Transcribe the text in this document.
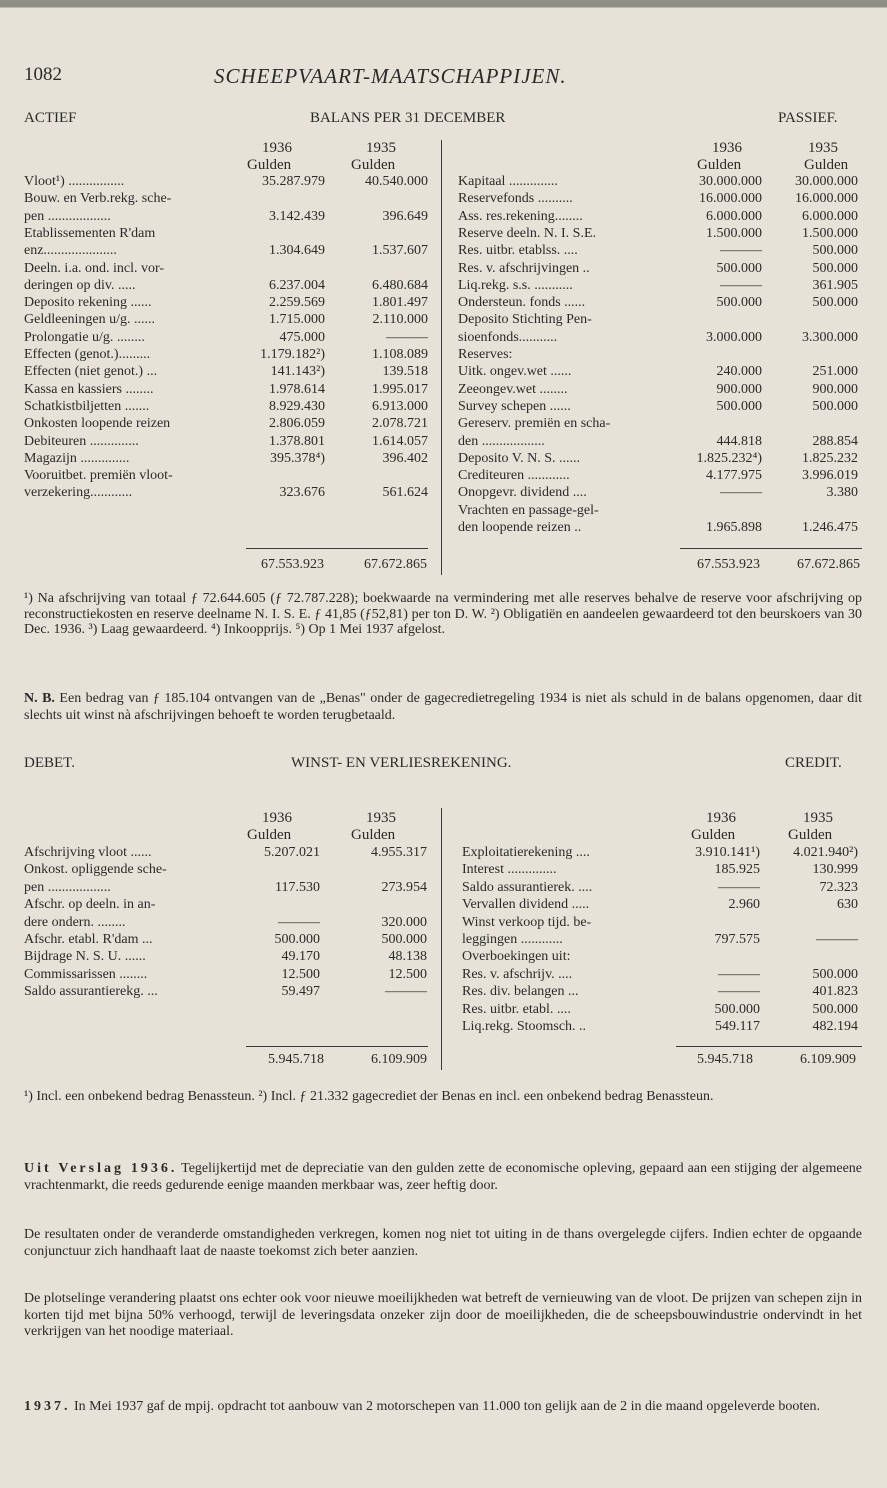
1082	SCHEEPVAART-MAATSCHAPPIJEN.
ACTIEF	BALANS PER 31 DECEMBER	PASSIEF.
1936	1935
Gulden	Gulden
1936	1935
Gulden	Gulden
Vloot¹) ................	35.287.979	40.540.000
Bouw. en Verb.rekg. sche-
pen ..................	3.142.439	396.649
Etablissementen R'dam
enz.....................	1.304.649	1.537.607
Deeln. i.a. ond. incl. vor-
deringen op div. .....	6.237.004	6.480.684
Deposito rekening ......	2.259.569	1.801.497
Geldleeningen u/g. ......	1.715.000	2.110.000
Prolongatie u/g. ........	475.000	———
Effecten (genot.).........	1.179.182²)	1.108.089
Effecten (niet genot.) ...	141.143²)	139.518
Kassa en kassiers ........	1.978.614	1.995.017
Schatkistbiljetten .......	8.929.430	6.913.000
Onkosten loopende reizen	2.806.059	2.078.721
Debiteuren ..............	1.378.801	1.614.057
Magazijn ..............	395.378⁴)	396.402
Vooruitbet. premiën vloot-
verzekering............	323.676	561.624
Kapitaal ..............	30.000.000 30.000.000
Reservefonds ..........	16.000.000 16.000.000
Ass. res.rekening........	6.000.000	6.000.000
Reserve deeln. N. I. S.E.	1.500.000	1.500.000
Res. uitbr. etablss. ....	———	500.000
Res. v. afschrijvingen ..	500.000	500.000
Liq.rekg. s.s. ...........	———	361.905
Ondersteun. fonds ......	500.000	500.000
Deposito Stichting Pen-
sioenfonds...........	3.000.000	3.300.000
Reserves:
Uitk. ongev.wet ......	240.000	251.000
Zeeongev.wet ........	900.000	900.000
Survey schepen ......	500.000	500.000
Gereserv. premiën en scha-
den ..................	444.818	288.854
Deposito V. N. S. ......	1.825.232⁴)	1.825.232
Crediteuren ............	4.177.975	3.996.019
Onopgevr. dividend ....	———	3.380
Vrachten en passage-gel-
den loopende reizen ..	1.965.898	1.246.475
67.553.923	67.672.865	67.553.923	67.672.865
¹) Na afschrijving van totaal ƒ 72.644.605 (ƒ 72.787.228); boekwaarde na vermindering met alle reserves behalve de reserve voor afschrijving op reconstructiekosten en reserve deelname N. I. S. E. ƒ 41,85 (ƒ52,81) per ton D. W. ²) Obligatiën en aandeelen gewaardeerd tot den beurskoers van 30 Dec. 1936. ³) Laag gewaardeerd. ⁴) Inkoopprijs. ⁵) Op 1 Mei 1937 afgelost.
N. B. Een bedrag van ƒ 185.104 ontvangen van de „Benas" onder de gagecredietregeling 1934 is niet als schuld in de balans opgenomen, daar dit slechts uit winst nà afschrijvingen behoeft te worden terugbetaald.
DEBET.	WINST- EN VERLIESREKENING.	CREDIT.
1936	1935
Gulden	Gulden
1936	1935
Gulden	Gulden
Afschrijving vloot ......	5.207.021	4.955.317
Onkost. opliggende sche-
pen ..................	117.530	273.954
Afschr. op deeln. in an-
dere ondern. ........	———	320.000
Afschr. etabl. R'dam ...	500.000	500.000
Bijdrage N. S. U. ......	49.170	48.138
Commissarissen ........	12.500	12.500
Saldo assurantierekg. ...	59.497	———
Exploitatierekening ....	3.910.141¹) 4.021.940²)
Interest ..............	185.925	130.999
Saldo assurantierek. ....	———	72.323
Vervallen dividend .....	2.960	630
Winst verkoop tijd. be-
leggingen ............	797.575	———
Overboekingen uit:
Res. v. afschrijv. ....	———	500.000
Res. div. belangen ...	———	401.823
Res. uitbr. etabl. ....	500.000	500.000
Liq.rekg. Stoomsch. ..	549.117	482.194
5.945.718	6.109.909	5.945.718	6.109.909
¹) Incl. een onbekend bedrag Benassteun. ²) Incl. ƒ 21.332 gagecrediet der Benas en incl. een onbekend bedrag Benassteun.
Uit Verslag 1936. Tegelijkertijd met de depreciatie van den gulden zette de economische opleving, gepaard aan een stijging der algemeene vrachtenmarkt, die reeds gedurende eenige maanden merkbaar was, zeer heftig door.
De resultaten onder de veranderde omstandigheden verkregen, komen nog niet tot uiting in de thans overgelegde cijfers. Indien echter de opgaande conjunctuur zich handhaaft laat de naaste toekomst zich beter aanzien.
De plotselinge verandering plaatst ons echter ook voor nieuwe moeilijkheden wat betreft de vernieuwing van de vloot. De prijzen van schepen zijn in korten tijd met bijna 50% verhoogd, terwijl de leveringsdata onzeker zijn door de moeilijkheden, die de scheepsbouwindustrie ondervindt in het verkrijgen van het noodige materiaal.
1937. In Mei 1937 gaf de mpij. opdracht tot aanbouw van 2 motorschepen van 11.000 ton gelijk aan de 2 in die maand opgeleverde booten.
